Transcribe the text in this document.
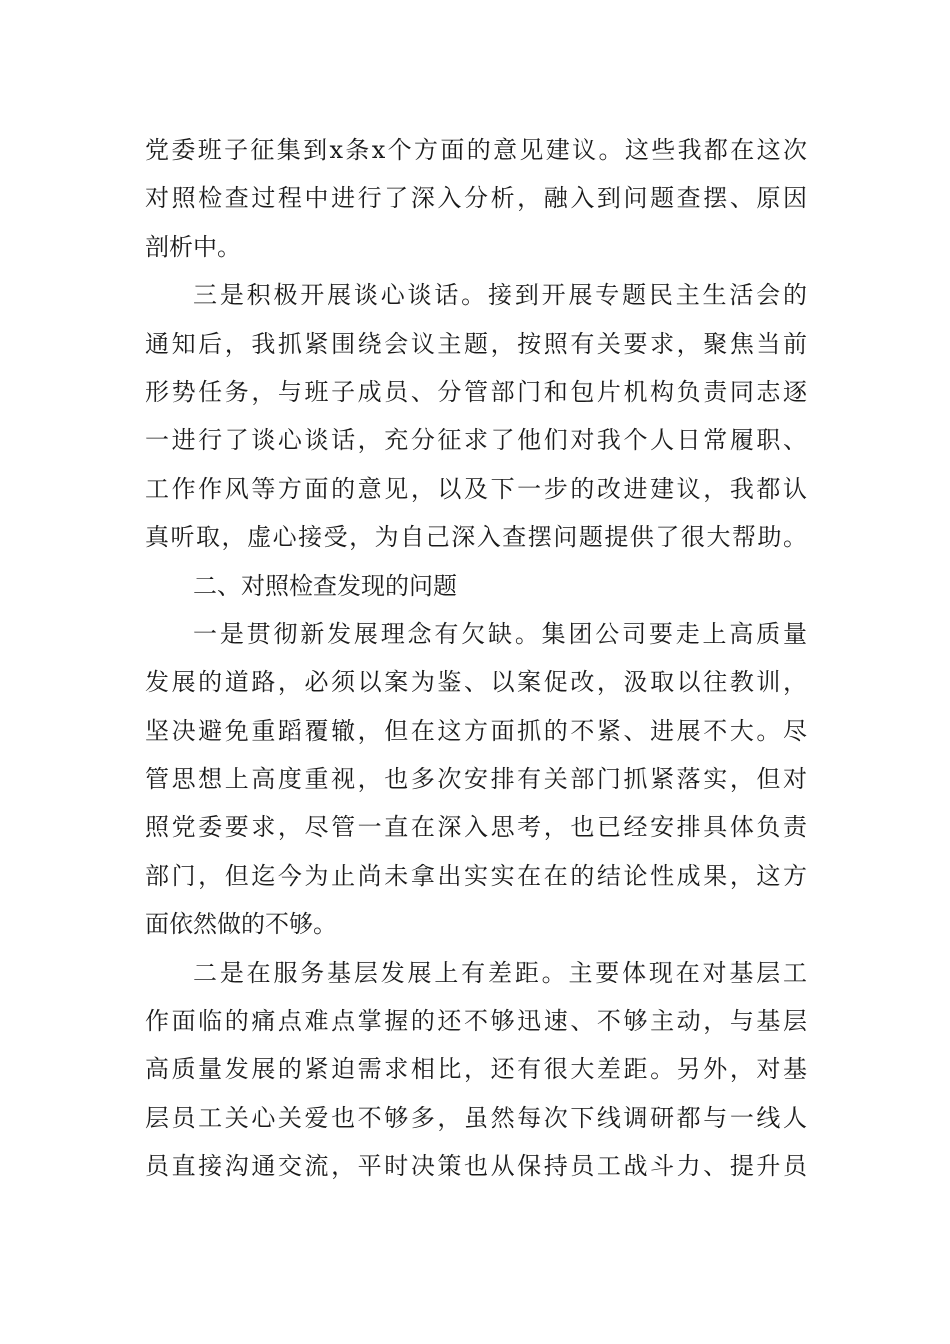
党委班子征集到x条x个方面的意见建议。这些我都在这次
对照检查过程中进行了深入分析，融入到问题查摆、原因
剖析中。
三是积极开展谈心谈话。接到开展专题民主生活会的
通知后，我抓紧围绕会议主题，按照有关要求，聚焦当前
形势任务，与班子成员、分管部门和包片机构负责同志逐
一进行了谈心谈话，充分征求了他们对我个人日常履职、
工作作风等方面的意见，以及下一步的改进建议，我都认
真听取，虚心接受，为自己深入查摆问题提供了很大帮助。
二、对照检查发现的问题
一是贯彻新发展理念有欠缺。集团公司要走上高质量
发展的道路，必须以案为鉴、以案促改，汲取以往教训，
坚决避免重蹈覆辙，但在这方面抓的不紧、进展不大。尽
管思想上高度重视，也多次安排有关部门抓紧落实，但对
照党委要求，尽管一直在深入思考，也已经安排具体负责
部门，但迄今为止尚未拿出实实在在的结论性成果，这方
面依然做的不够。
二是在服务基层发展上有差距。主要体现在对基层工
作面临的痛点难点掌握的还不够迅速、不够主动，与基层
高质量发展的紧迫需求相比，还有很大差距。另外，对基
层员工关心关爱也不够多，虽然每次下线调研都与一线人
员直接沟通交流，平时决策也从保持员工战斗力、提升员
